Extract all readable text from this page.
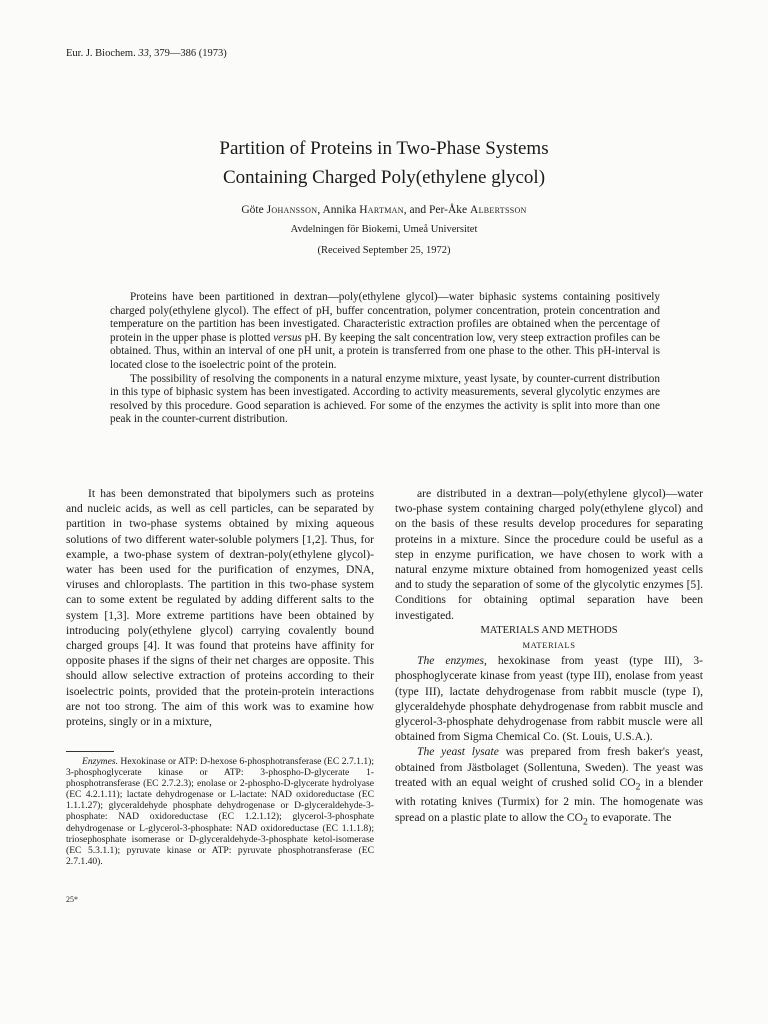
Eur. J. Biochem. 33, 379—386 (1973)
Partition of Proteins in Two-Phase Systems
Containing Charged Poly(ethylene glycol)
Göte Johansson, Annika Hartman, and Per-Åke Albertsson
Avdelningen för Biokemi, Umeå Universitet
(Received September 25, 1972)

Proteins have been partitioned in dextran—poly(ethylene glycol)—water biphasic systems containing positively charged poly(ethylene glycol). The effect of pH, buffer concentration, polymer concentration, protein concentration and temperature on the partition has been investigated. Characteristic extraction profiles are obtained when the percentage of protein in the upper phase is plotted versus pH. By keeping the salt concentration low, very steep extraction profiles can be obtained. Thus, within an interval of one pH unit, a protein is transferred from one phase to the other. This pH-interval is located close to the isoelectric point of the protein.

The possibility of resolving the components in a natural enzyme mixture, yeast lysate, by counter-current distribution in this type of biphasic system has been investigated. According to activity measurements, several glycolytic enzymes are resolved by this procedure. Good separation is achieved. For some of the enzymes the activity is split into more than one peak in the counter-current distribution.

It has been demonstrated that bipolymers such as proteins and nucleic acids, as well as cell particles, can be separated by partition in two-phase systems obtained by mixing aqueous solutions of two different water-soluble polymers [1,2]. Thus, for example, a two-phase system of dextran-poly(ethylene glycol)-water has been used for the purification of enzymes, DNA, viruses and chloroplasts. The partition in this two-phase system can to some extent be regulated by adding different salts to the system [1,3]. More extreme partitions have been obtained by introducing poly(ethylene glycol) carrying covalently bound charged groups [4]. It was found that proteins have affinity for opposite phases if the signs of their net charges are opposite. This should allow selective extraction of proteins according to their isoelectric points, provided that the protein-protein interactions are not too strong. The aim of this work was to examine how proteins, singly or in a mixture,

Enzymes. Hexokinase or ATP: D-hexose 6-phosphotransferase (EC 2.7.1.1); 3-phosphoglycerate kinase or ATP: 3-phospho-D-glycerate 1-phosphotransferase (EC 2.7.2.3); enolase or 2-phospho-D-glycerate hydrolyase (EC 4.2.1.11); lactate dehydrogenase or L-lactate: NAD oxidoreductase (EC 1.1.1.27); glyceraldehyde phosphate dehydrogenase or D-glyceraldehyde-3-phosphate: NAD oxidoreductase (EC 1.2.1.12); glycerol-3-phosphate dehydrogenase or L-glycerol-3-phosphate: NAD oxidoreductase (EC 1.1.1.8); triosephosphate isomerase or D-glyceraldehyde-3-phosphate ketol-isomerase (EC 5.3.1.1); pyruvate kinase or ATP: pyruvate phosphotransferase (EC 2.7.1.40).

25*

are distributed in a dextran—poly(ethylene glycol)—water two-phase system containing charged poly(ethylene glycol) and on the basis of these results develop procedures for separating proteins in a mixture. Since the procedure could be useful as a step in enzyme purification, we have chosen to work with a natural enzyme mixture obtained from homogenized yeast cells and to study the separation of some of the glycolytic enzymes [5]. Conditions for obtaining optimal separation have been investigated.

MATERIALS AND METHODS

MATERIALS

The enzymes, hexokinase from yeast (type III), 3-phosphoglycerate kinase from yeast (type III), enolase from yeast (type III), lactate dehydrogenase from rabbit muscle (type I), glyceraldehyde phosphate dehydrogenase from rabbit muscle and glycerol-3-phosphate dehydrogenase from rabbit muscle were all obtained from Sigma Chemical Co. (St. Louis, U.S.A.).

The yeast lysate was prepared from fresh baker's yeast, obtained from Jästbolaget (Sollentuna, Sweden). The yeast was treated with an equal weight of crushed solid $CO_2$ in a blender with rotating knives (Turmix) for 2 min. The homogenate was spread on a plastic plate to allow the $CO_2$ to evaporate. The
